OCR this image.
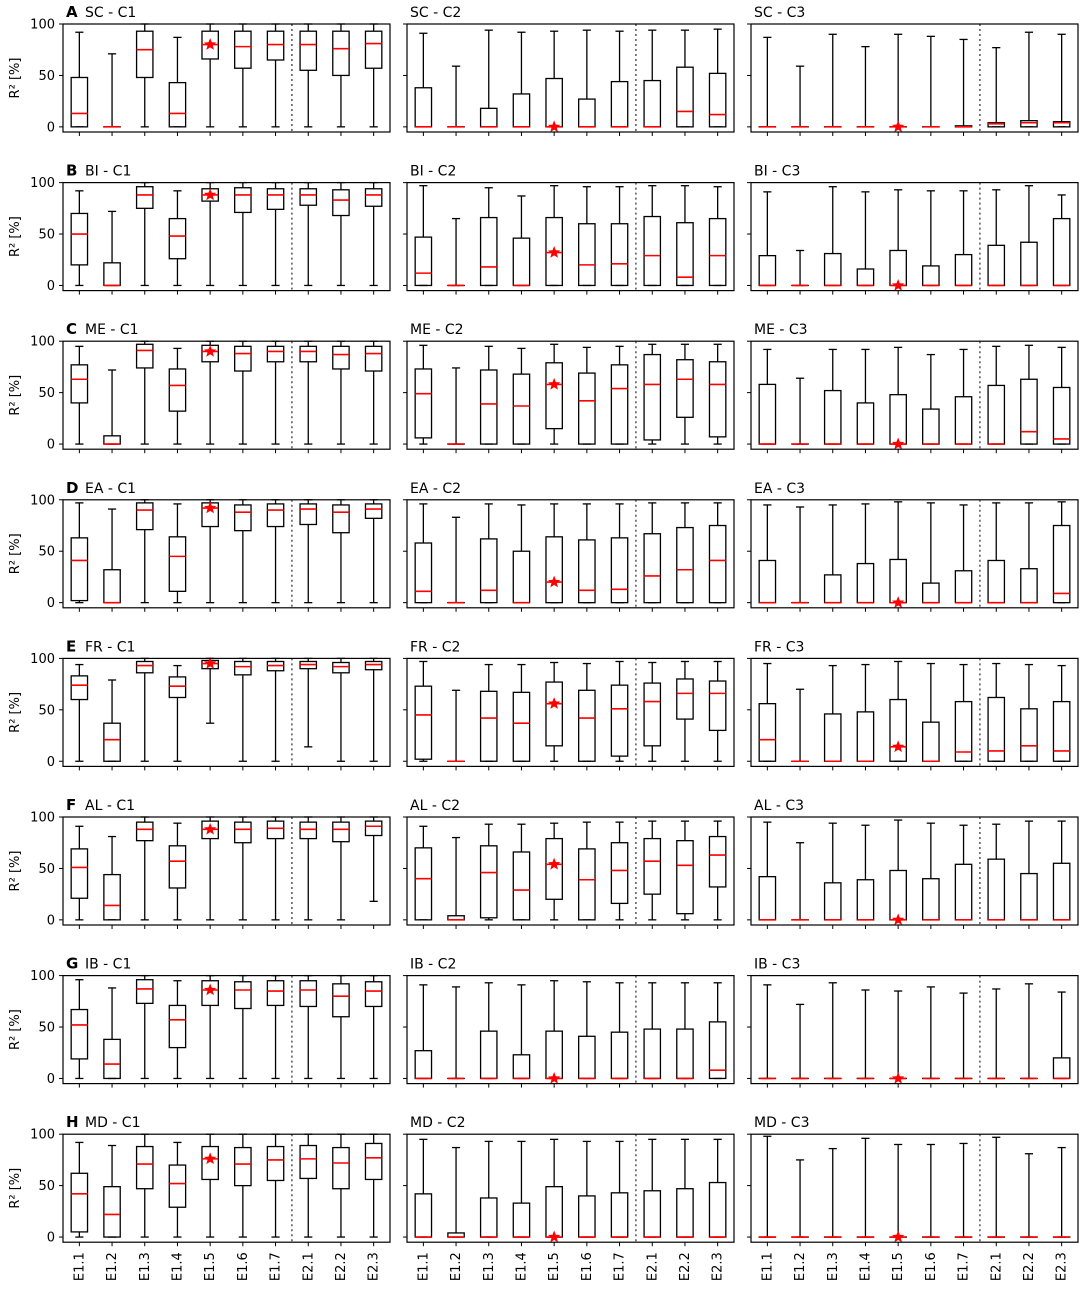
A SC - C1
0
50
100
R² [%]
SC - C2	SC - C3
B BI - C1
0
50
100
R² [%]
BI - C2	BI - C3
C ME - C1
0
50
100
R² [%]
ME - C2	ME - C3
D EA - C1
0
50
100
R² [%]
EA - C2	EA - C3
E FR - C1
0
50
100
R² [%]
FR - C2	FR - C3
F AL - C1
0
50
100
R² [%]
AL - C2	AL - C3
G IB - C1
0
50
100
R² [%]
IB - C2	IB - C3
H MD - C1
0
50
100
R² [%]
E1.1 E1.2 E1.3 E1.4 E1.5 E1.6 E1.7 E2.1 E2.2 E2.3
MD - C2
E1.1 E1.2 E1.3 E1.4 E1.5 E1.6 E1.7 E2.1 E2.2 E2.3
MD - C3
E1.1 E1.2 E1.3 E1.4 E1.5 E1.6 E1.7 E2.1 E2.2 E2.3
